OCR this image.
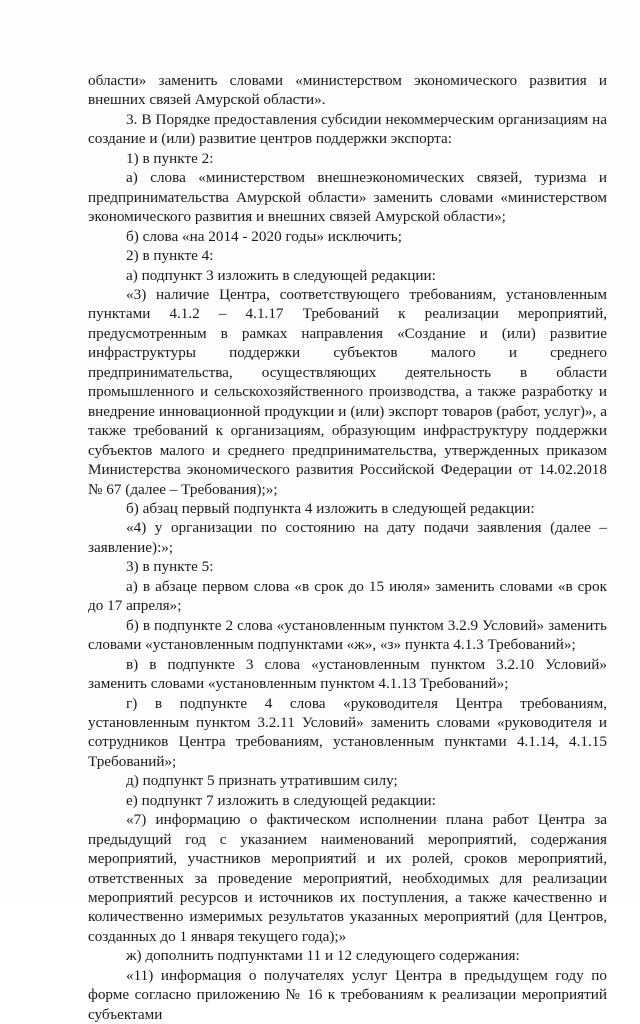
области» заменить словами «министерством экономического развития и внешних связей Амурской области».

3. В Порядке предоставления субсидии некоммерческим организациям на создание и (или) развитие центров поддержки экспорта:

1) в пункте 2:

а) слова «министерством внешнеэкономических связей, туризма и предпринимательства Амурской области» заменить словами «министерством экономического развития и внешних связей Амурской области»;

б) слова «на 2014 - 2020 годы» исключить;

2) в пункте 4:

а) подпункт 3 изложить в следующей редакции:

«3) наличие Центра, соответствующего требованиям, установленным пунктами 4.1.2 – 4.1.17 Требований к реализации мероприятий, предусмотренным в рамках направления «Создание и (или) развитие инфраструктуры поддержки субъектов малого и среднего предпринимательства, осуществляющих деятельность в области промышленного и сельскохозяйственного производства, а также разработку и внедрение инновационной продукции и (или) экспорт товаров (работ, услуг)», а также требований к организациям, образующим инфраструктуру поддержки субъектов малого и среднего предпринимательства, утвержденных приказом Министерства экономического развития Российской Федерации от 14.02.2018 № 67 (далее – Требования);»;

б) абзац первый подпункта 4 изложить в следующей редакции:

«4) у организации по состоянию на дату подачи заявления (далее – заявление):»;

3) в пункте 5:

а) в абзаце первом слова «в срок до 15 июля» заменить словами «в срок до 17 апреля»;

б) в подпункте 2 слова «установленным пунктом 3.2.9 Условий» заменить словами «установленным подпунктами «ж», «з» пункта 4.1.3 Требований»;

в) в подпункте 3 слова «установленным пунктом 3.2.10 Условий» заменить словами «установленным пунктом 4.1.13 Требований»;

г) в подпункте 4 слова «руководителя Центра требованиям, установленным пунктом 3.2.11 Условий» заменить словами «руководителя и сотрудников Центра требованиям, установленным пунктами 4.1.14, 4.1.15 Требований»;

д) подпункт 5 признать утратившим силу;

е) подпункт 7 изложить в следующей редакции:

«7) информацию о фактическом исполнении плана работ Центра за предыдущий год с указанием наименований мероприятий, содержания мероприятий, участников мероприятий и их ролей, сроков мероприятий, ответственных за проведение мероприятий, необходимых для реализации мероприятий ресурсов и источников их поступления, а также качественно и количественно измеримых результатов указанных мероприятий (для Центров, созданных до 1 января текущего года);»

ж) дополнить подпунктами 11 и 12 следующего содержания:

«11) информация о получателях услуг Центра в предыдущем году по форме согласно приложению № 16 к требованиям к реализации мероприятий субъектами
